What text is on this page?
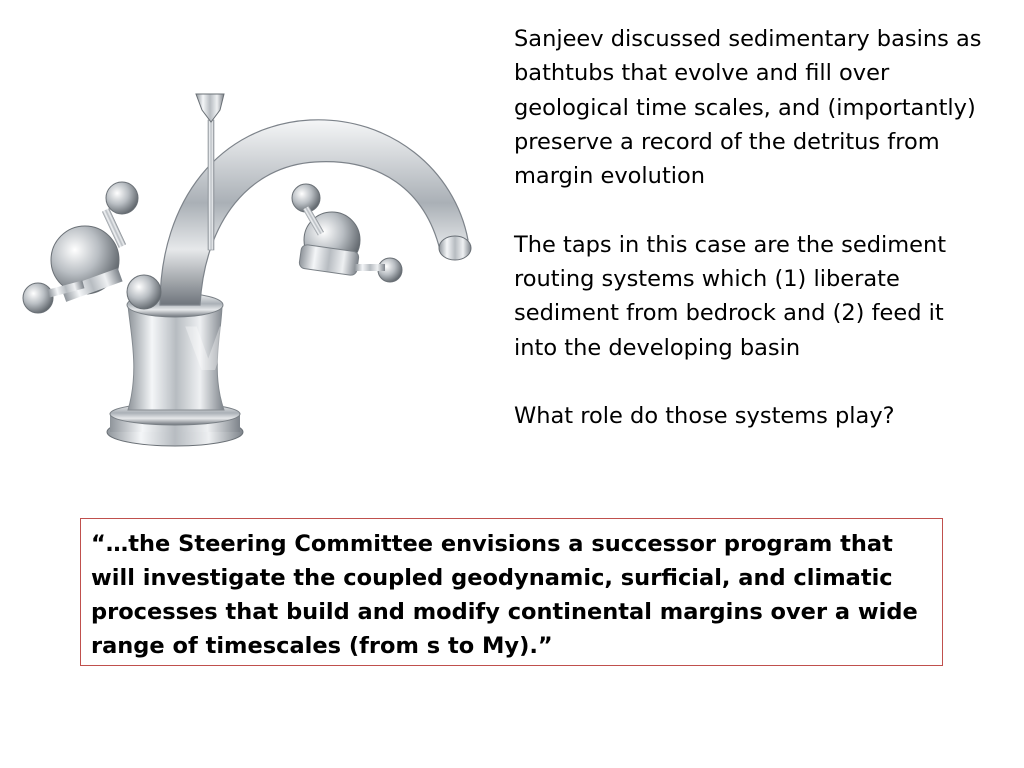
VP

Sanjeev discussed sedimentary basins as bathtubs that evolve and fill over geological time scales, and (importantly) preserve a record of the detritus from margin evolution

The taps in this case are the sediment routing systems which (1) liberate sediment from bedrock and (2) feed it into the developing basin

What role do those systems play?

“…the Steering Committee envisions a successor program that will investigate the coupled geodynamic, surficial, and climatic processes that build and modify continental margins over a wide range of timescales (from s to My).”
